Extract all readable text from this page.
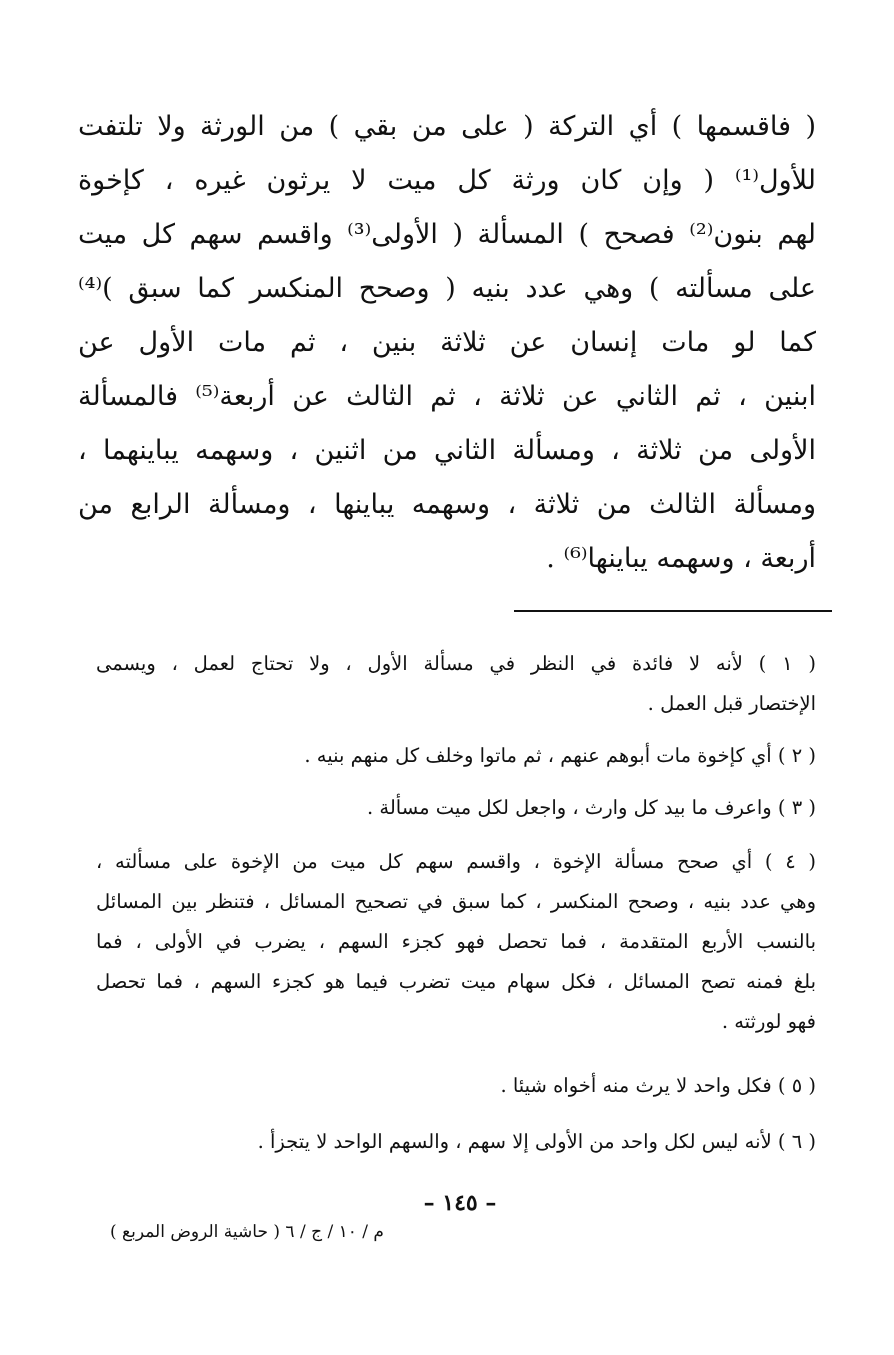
( فاقسمها ) أي التركة ( على من بقي ) من الورثة ولا تلتفت
للأول⁽¹⁾ ( وإن كان ورثة كل ميت لا يرثون غيره ، كإخوة
لهم بنون⁽²⁾ فصحح ) المسألة ( الأولى⁽³⁾ واقسم سهم كل ميت
على مسألته ) وهي عدد بنيه ( وصحح المنكسر كما سبق )⁽⁴⁾
كما لو مات إنسان عن ثلاثة بنين ، ثم مات الأول عن
ابنين ، ثم الثاني عن ثلاثة ، ثم الثالث عن أربعة⁽⁵⁾ فالمسألة
الأولى من ثلاثة ، ومسألة الثاني من اثنين ، وسهمه يباينهما ،
ومسألة الثالث من ثلاثة ، وسهمه يباينها ، ومسألة الرابع من
أربعة ، وسهمه يباينها⁽⁶⁾ .
( ١ ) لأنه لا فائدة في النظر في مسألة الأول ، ولا تحتاج لعمل ، ويسمى
الإختصار قبل العمل .
( ٢ ) أي كإخوة مات أبوهم عنهم ، ثم ماتوا وخلف كل منهم بنيه .
( ٣ ) واعرف ما بيد كل وارث ، واجعل لكل ميت مسألة .
( ٤ ) أي صحح مسألة الإخوة ، واقسم سهم كل ميت من الإخوة على مسألته ،
وهي عدد بنيه ، وصحح المنكسر ، كما سبق في تصحيح المسائل ، فتنظر بين المسائل
بالنسب الأربع المتقدمة ، فما تحصل فهو كجزء السهم ، يضرب في الأولى ، فما
بلغ فمنه تصح المسائل ، فكل سهام ميت تضرب فيما هو كجزء السهم ، فما تحصل
فهو لورثته .
( ٥ ) فكل واحد لا يرث منه أخواه شيئا .
( ٦ ) لأنه ليس لكل واحد من الأولى إلا سهم ، والسهم الواحد لا يتجزأ .
– ١٤٥ –
م / ١٠ / ج / ٦ ( حاشية الروض المربع )
